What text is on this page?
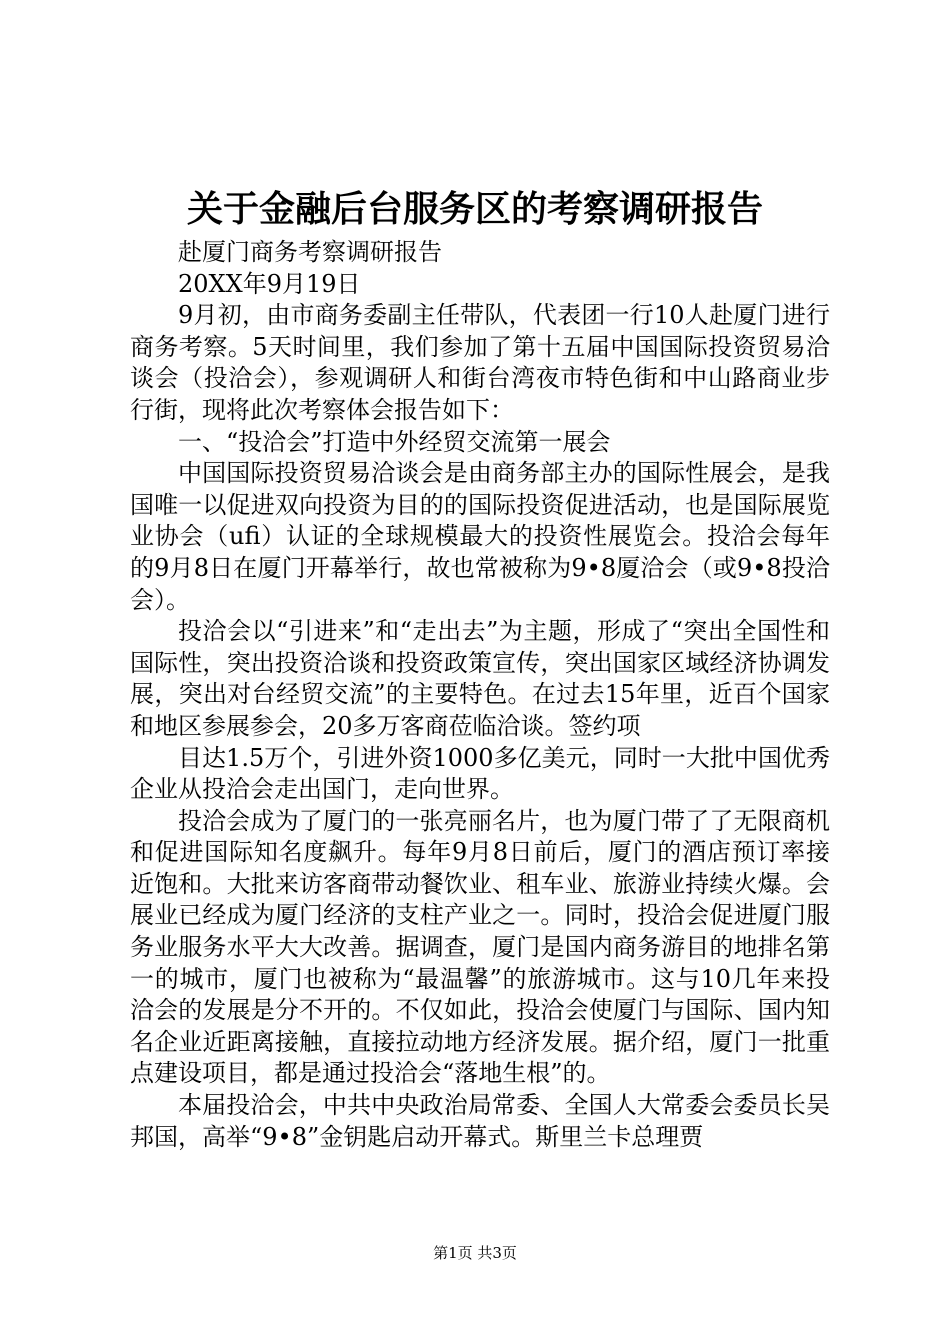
关于金融后台服务区的考察调研报告

赴厦门商务考察调研报告

20XX年9月19日

9月初，由市商务委副主任带队，代表团一行10人赴厦门进行商务考察。5天时间里，我们参加了第十五届中国国际投资贸易洽谈会（投洽会），参观调研人和街台湾夜市特色街和中山路商业步行街，现将此次考察体会报告如下：

一、“投洽会”打造中外经贸交流第一展会

中国国际投资贸易洽谈会是由商务部主办的国际性展会，是我国唯一以促进双向投资为目的的国际投资促进活动，也是国际展览业协会（ufi）认证的全球规模最大的投资性展览会。投洽会每年的9月8日在厦门开幕举行，故也常被称为9•8厦洽会（或9•8投洽会）。

投洽会以“引进来”和“走出去”为主题，形成了“突出全国性和国际性，突出投资洽谈和投资政策宣传，突出国家区域经济协调发展，突出对台经贸交流”的主要特色。在过去15年里，近百个国家和地区参展参会，20多万客商莅临洽谈。签约项

目达1.5万个，引进外资1000多亿美元，同时一大批中国优秀企业从投洽会走出国门，走向世界。

投洽会成为了厦门的一张亮丽名片，也为厦门带了了无限商机和促进国际知名度飙升。每年9月8日前后，厦门的酒店预订率接近饱和。大批来访客商带动餐饮业、租车业、旅游业持续火爆。会展业已经成为厦门经济的支柱产业之一。同时，投洽会促进厦门服务业服务水平大大改善。据调查，厦门是国内商务游目的地排名第一的城市，厦门也被称为“最温馨”的旅游城市。这与10几年来投洽会的发展是分不开的。不仅如此，投洽会使厦门与国际、国内知名企业近距离接触，直接拉动地方经济发展。据介绍，厦门一批重点建设项目，都是通过投洽会“落地生根”的。

本届投洽会，中共中央政治局常委、全国人大常委会委员长吴邦国，高举“9•8”金钥匙启动开幕式。斯里兰卡总理贾

第1页 共3页
